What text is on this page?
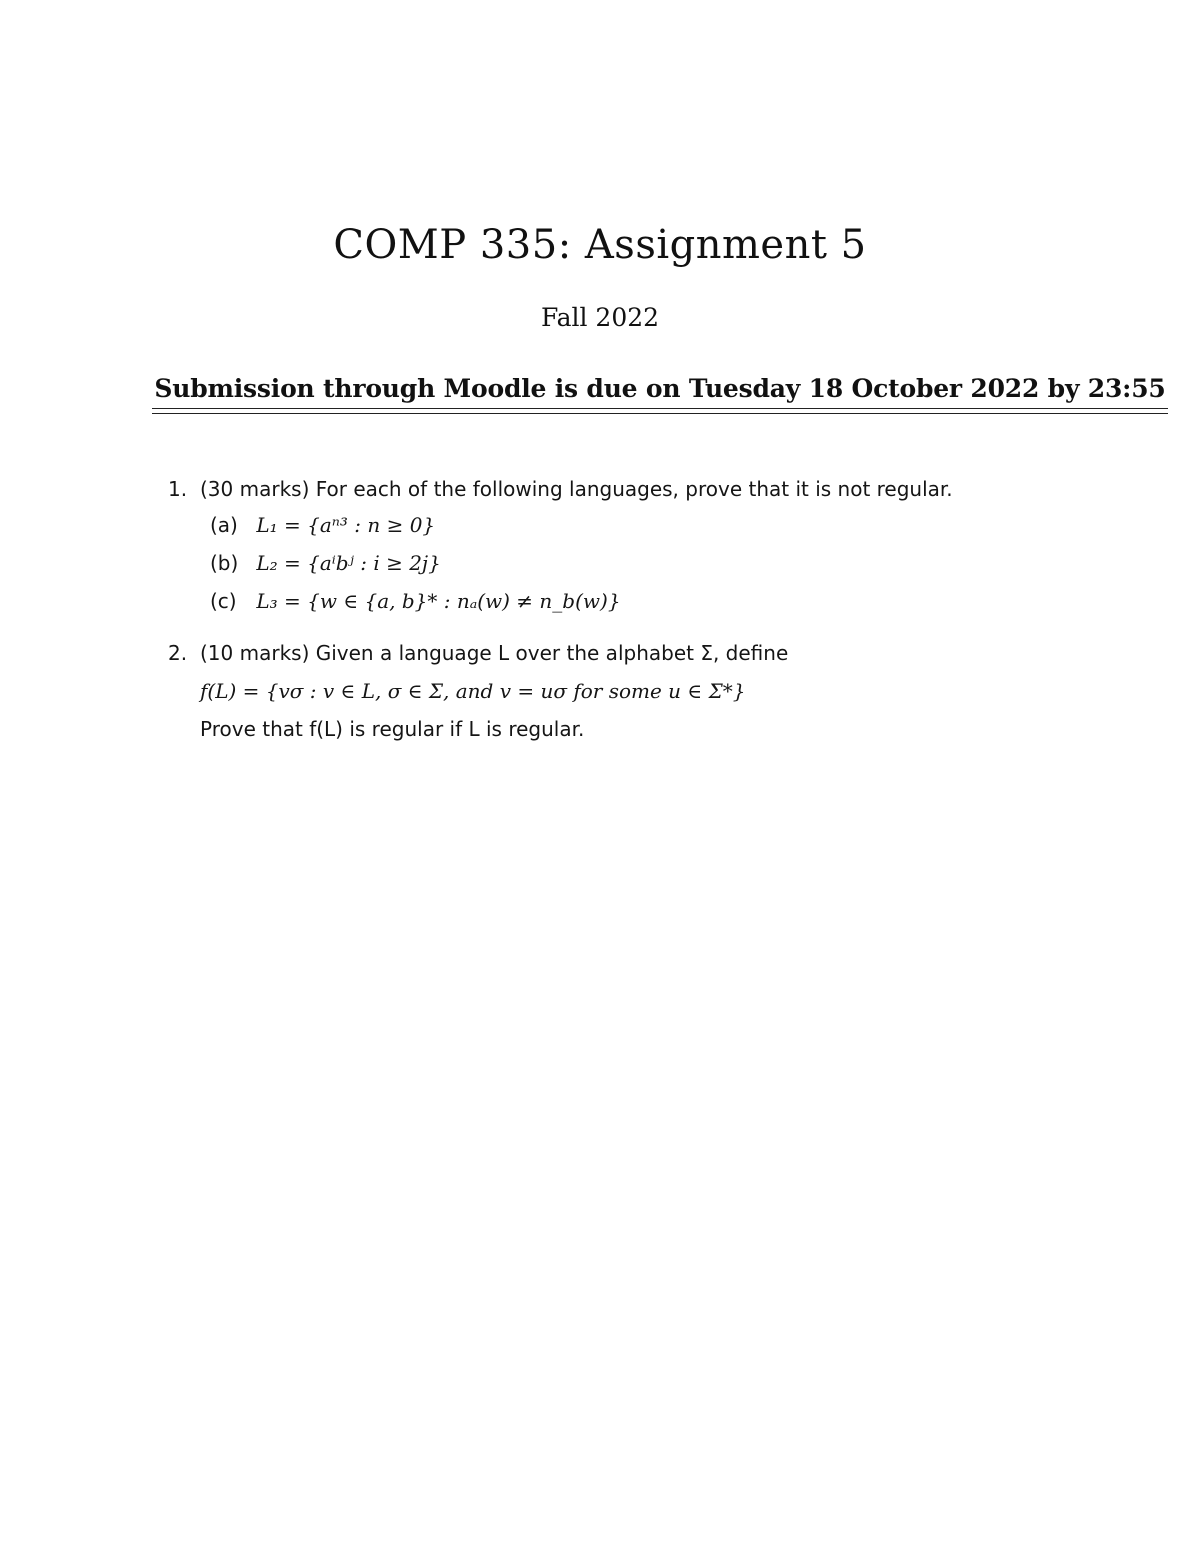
COMP 335: Assignment 5
Fall 2022
Submission through Moodle is due on Tuesday 18 October 2022 by 23:55
1. (30 marks) For each of the following languages, prove that it is not regular.
(a) L₁ = {aⁿ³ : n ≥ 0}
(b) L₂ = {aⁱbʲ : i ≥ 2j}
(c) L₃ = {w ∈ {a, b}* : nₐ(w) ≠ n_b(w)}
2. (10 marks) Given a language L over the alphabet Σ, define
f(L) = {vσ : v ∈ L, σ ∈ Σ, and v = uσ for some u ∈ Σ*}
Prove that f(L) is regular if L is regular.
